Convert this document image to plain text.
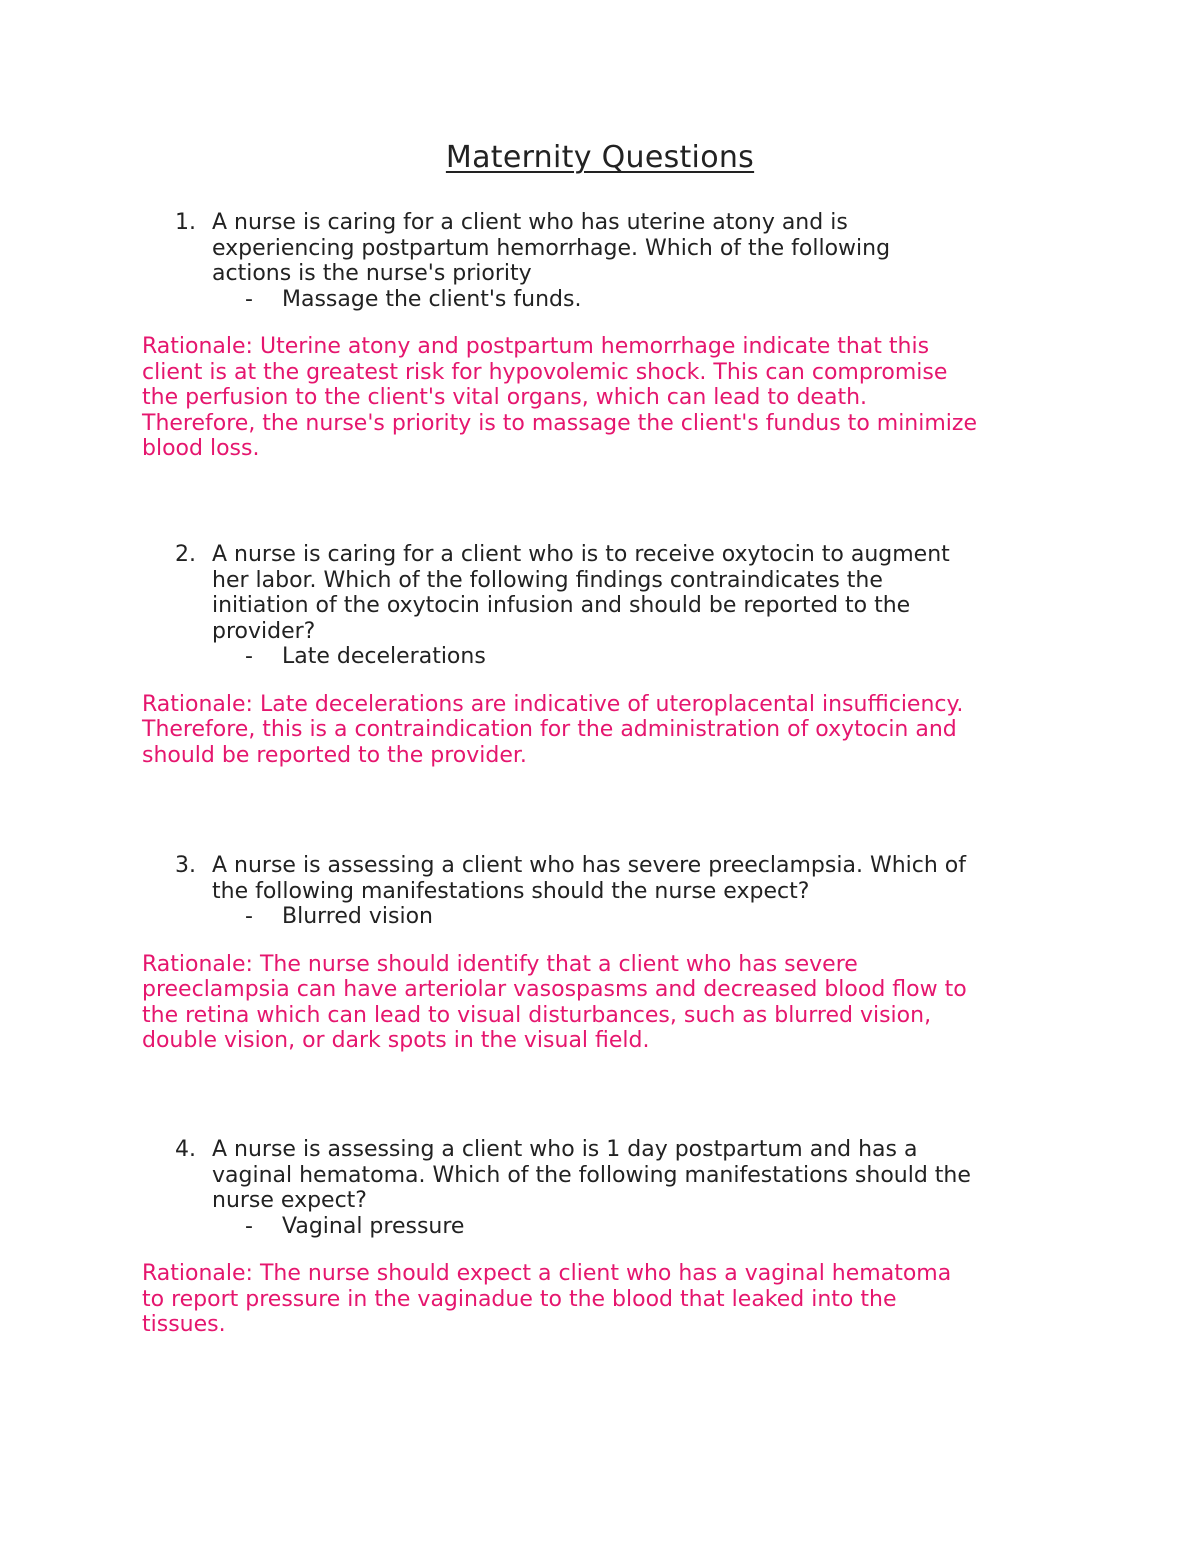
Maternity Questions
1. A nurse is caring for a client who has uterine atony and is
experiencing postpartum hemorrhage. Which of the following
actions is the nurse's priority
- Massage the client's funds.
Rationale: Uterine atony and postpartum hemorrhage indicate that this
client is at the greatest risk for hypovolemic shock. This can compromise
the perfusion to the client's vital organs, which can lead to death.
Therefore, the nurse's priority is to massage the client's fundus to minimize
blood loss.
2. A nurse is caring for a client who is to receive oxytocin to augment
her labor. Which of the following findings contraindicates the
initiation of the oxytocin infusion and should be reported to the
provider?
- Late decelerations
Rationale: Late decelerations are indicative of uteroplacental insufficiency.
Therefore, this is a contraindication for the administration of oxytocin and
should be reported to the provider.
3. A nurse is assessing a client who has severe preeclampsia. Which of
the following manifestations should the nurse expect?
- Blurred vision
Rationale: The nurse should identify that a client who has severe
preeclampsia can have arteriolar vasospasms and decreased blood flow to
the retina which can lead to visual disturbances, such as blurred vision,
double vision, or dark spots in the visual field.
4. A nurse is assessing a client who is 1 day postpartum and has a
vaginal hematoma. Which of the following manifestations should the
nurse expect?
- Vaginal pressure
Rationale: The nurse should expect a client who has a vaginal hematoma
to report pressure in the vaginadue to the blood that leaked into the
tissues.
